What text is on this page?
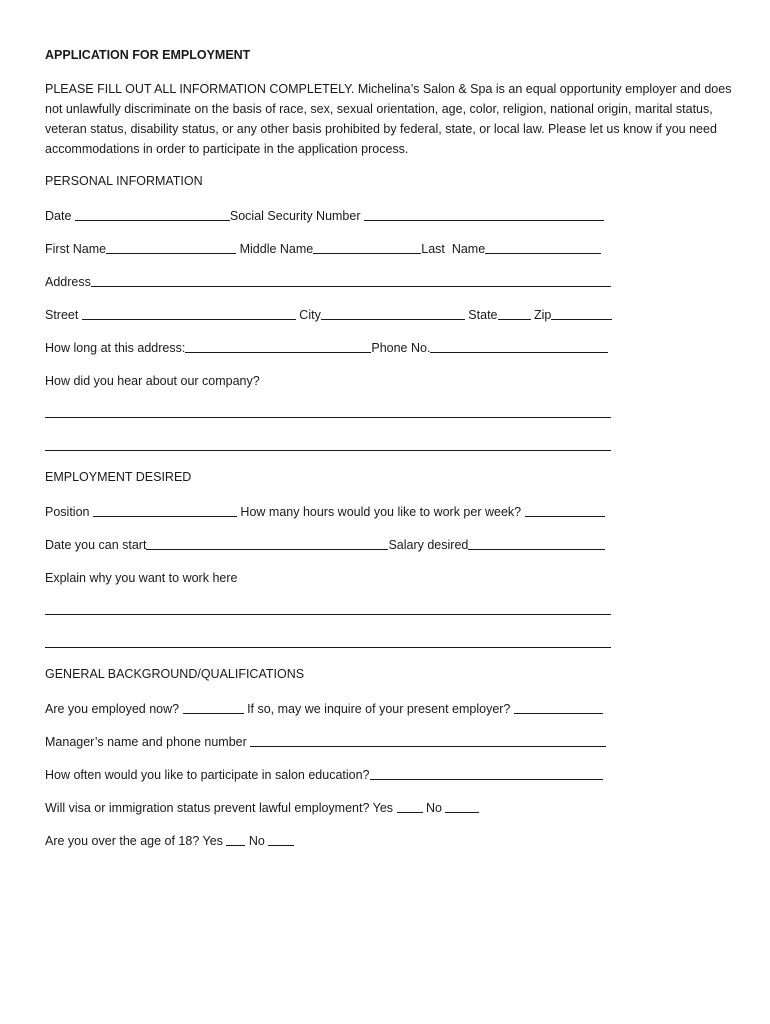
APPLICATION FOR EMPLOYMENT
PLEASE FILL OUT ALL INFORMATION COMPLETELY. Michelina’s Salon & Spa is an equal opportunity employer and does not unlawfully discriminate on the basis of race, sex, sexual orientation, age, color, religion, national origin, marital status, veteran status, disability status, or any other basis prohibited by federal, state, or local law. Please let us know if you need accommodations in order to participate in the application process.
PERSONAL INFORMATION
Date	Social Security Number
First Name	Middle Name	Last  Name
Address
Street	City	State	Zip
How long at this address:	Phone No.
How did you hear about our company?
EMPLOYMENT DESIRED
Position	How many hours would you like to work per week?
Date you can start	Salary desired
Explain why you want to work here
GENERAL BACKGROUND/QUALIFICATIONS
Are you employed now?	If so, may we inquire of your present employer?
Manager’s name and phone number
How often would you like to participate in salon education?
Will visa or immigration status prevent lawful employment? Yes No
Are you over the age of 18? Yes No
